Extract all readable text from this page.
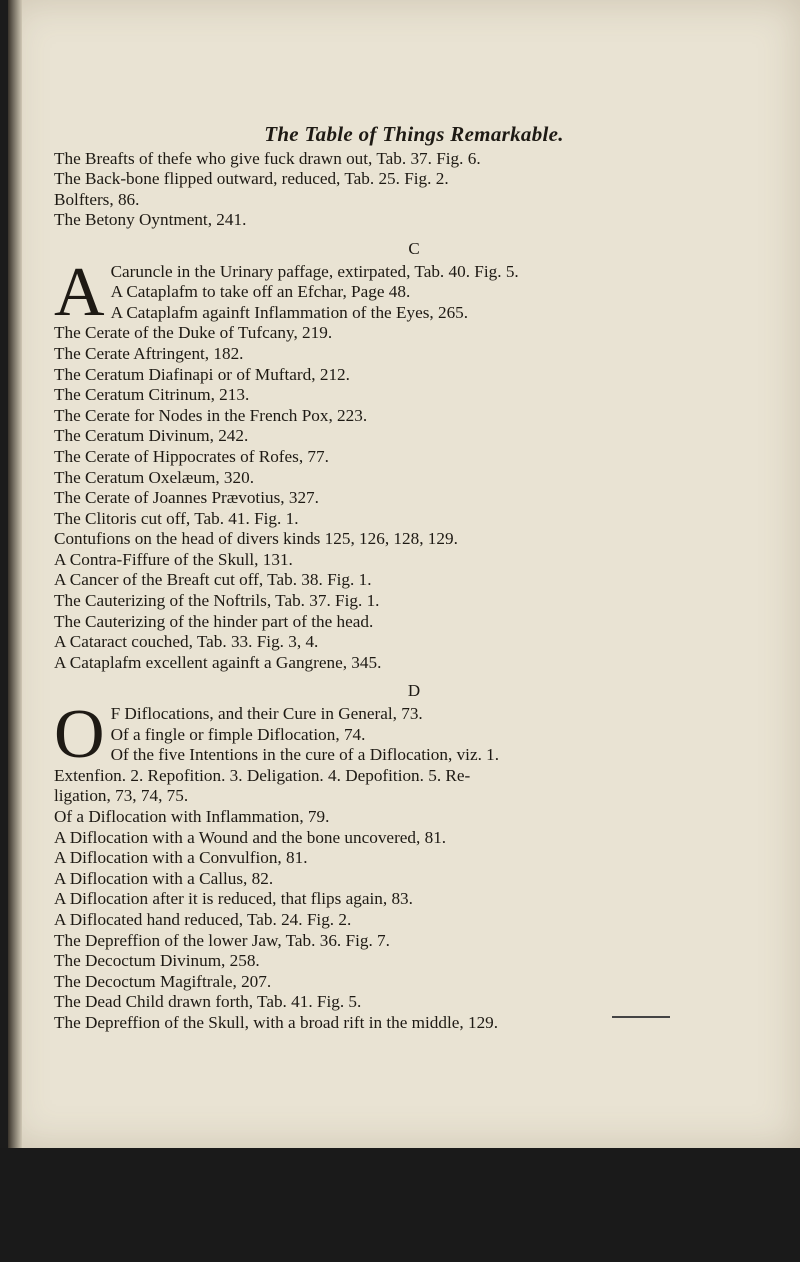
The Table of Things Remarkable.
The Breafts of thefe who give fuck drawn out, Tab. 37. Fig. 6.
The Back-bone flipped outward, reduced, Tab. 25. Fig. 2.
Bolfters, 86.
The Betony Oyntment, 241.
C
A Caruncle in the Urinary paffage, extirpated, Tab. 40. Fig. 5.
A Cataplafm to take off an Efchar, Page 48.
A Cataplafm againft Inflammation of the Eyes, 265.
The Cerate of the Duke of Tufcany, 219.
The Cerate Aftringent, 182.
The Ceratum Diafinapi or of Muftard, 212.
The Ceratum Citrinum, 213.
The Cerate for Nodes in the French Pox, 223.
The Ceratum Divinum, 242.
The Cerate of Hippocrates of Rofes, 77.
The Ceratum Oxelæum, 320.
The Cerate of Joannes Prævotius, 327.
The Clitoris cut off, Tab. 41. Fig. 1.
Contufions on the head of divers kinds 125, 126, 128, 129.
A Contra-Fiffure of the Skull, 131.
A Cancer of the Breaft cut off, Tab. 38. Fig. 1.
The Cauterizing of the Noftrils, Tab. 37. Fig. 1.
The Cauterizing of the hinder part of the head.
A Cataract couched, Tab. 33. Fig. 3, 4.
A Cataplafm excellent againft a Gangrene, 345.
D
O F Diflocations, and their Cure in General, 73.
Of a fingle or fimple Diflocation, 74.
Of the five Intentions in the cure of a Diflocation, viz. 1.
Extenfion. 2. Repofition. 3. Deligation. 4. Depofition. 5. Re-
ligation, 73, 74, 75.
Of a Diflocation with Inflammation, 79.
A Diflocation with a Wound and the bone uncovered, 81.
A Diflocation with a Convulfion, 81.
A Diflocation with a Callus, 82.
A Diflocation after it is reduced, that flips again, 83.
A Diflocated hand reduced, Tab. 24. Fig. 2.
The Depreffion of the lower Jaw, Tab. 36. Fig. 7.
The Decoctum Divinum, 258.
The Decoctum Magiftrale, 207.
The Dead Child drawn forth, Tab. 41. Fig. 5.
The Depreffion of the Skull, with a broad rift in the middle, 129.
